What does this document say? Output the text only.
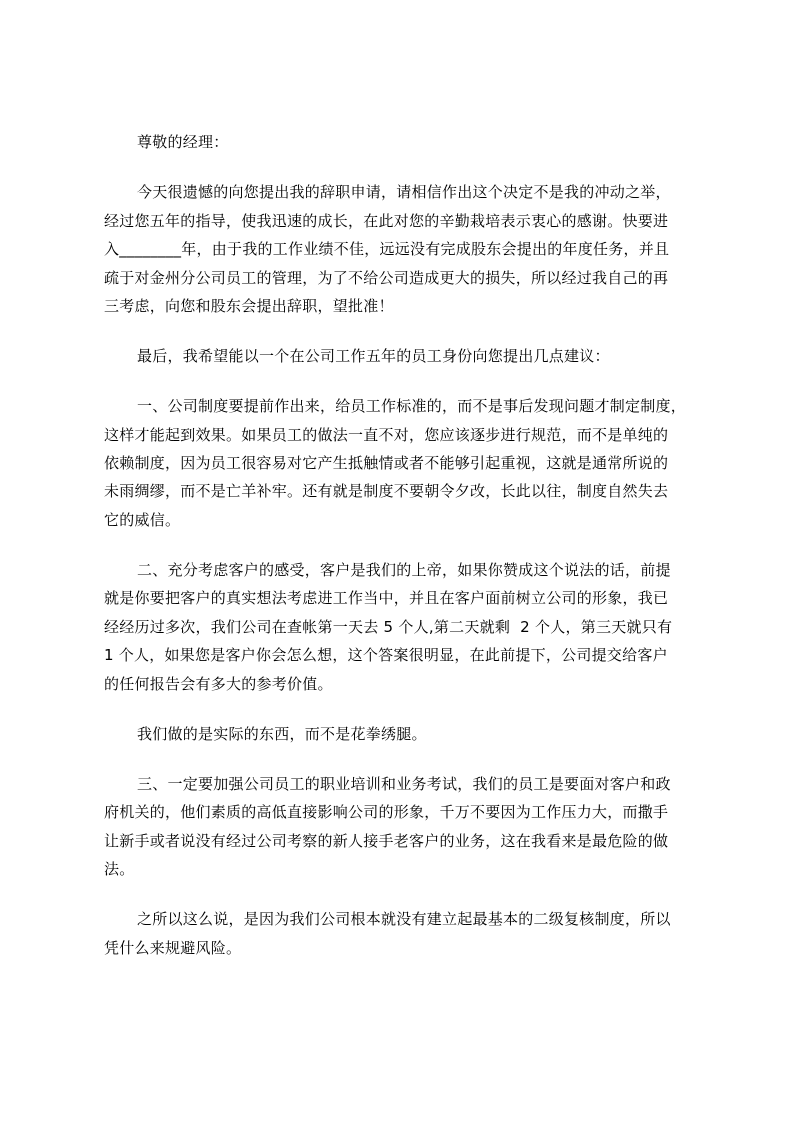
尊敬的经理：
今天很遗憾的向您提出我的辞职申请，请相信作出这个决定不是我的冲动之举，
经过您五年的指导，使我迅速的成长，在此对您的辛勤栽培表示衷心的感谢。快要进
入________年，由于我的工作业绩不佳，远远没有完成股东会提出的年度任务，并且
疏于对金州分公司员工的管理，为了不给公司造成更大的损失，所以经过我自己的再
三考虑，向您和股东会提出辞职，望批准！
最后，我希望能以一个在公司工作五年的员工身份向您提出几点建议：
一、公司制度要提前作出来，给员工作标准的，而不是事后发现问题才制定制度，
这样才能起到效果。如果员工的做法一直不对，您应该逐步进行规范，而不是单纯的
依赖制度，因为员工很容易对它产生抵触情或者不能够引起重视，这就是通常所说的
未雨绸缪，而不是亡羊补牢。还有就是制度不要朝令夕改，长此以往，制度自然失去
它的威信。
二、充分考虑客户的感受，客户是我们的上帝，如果你赞成这个说法的话，前提
就是你要把客户的真实想法考虑进工作当中，并且在客户面前树立公司的形象，我已
经经历过多次，我们公司在查帐第一天去 5 个人,第二天就剩  2 个人，第三天就只有
1 个人，如果您是客户你会怎么想，这个答案很明显，在此前提下，公司提交给客户
的任何报告会有多大的参考价值。
我们做的是实际的东西，而不是花拳绣腿。
三、一定要加强公司员工的职业培训和业务考试，我们的员工是要面对客户和政
府机关的，他们素质的高低直接影响公司的形象，千万不要因为工作压力大，而撒手
让新手或者说没有经过公司考察的新人接手老客户的业务，这在我看来是最危险的做
法。
之所以这么说，是因为我们公司根本就没有建立起最基本的二级复核制度，所以
凭什么来规避风险。
